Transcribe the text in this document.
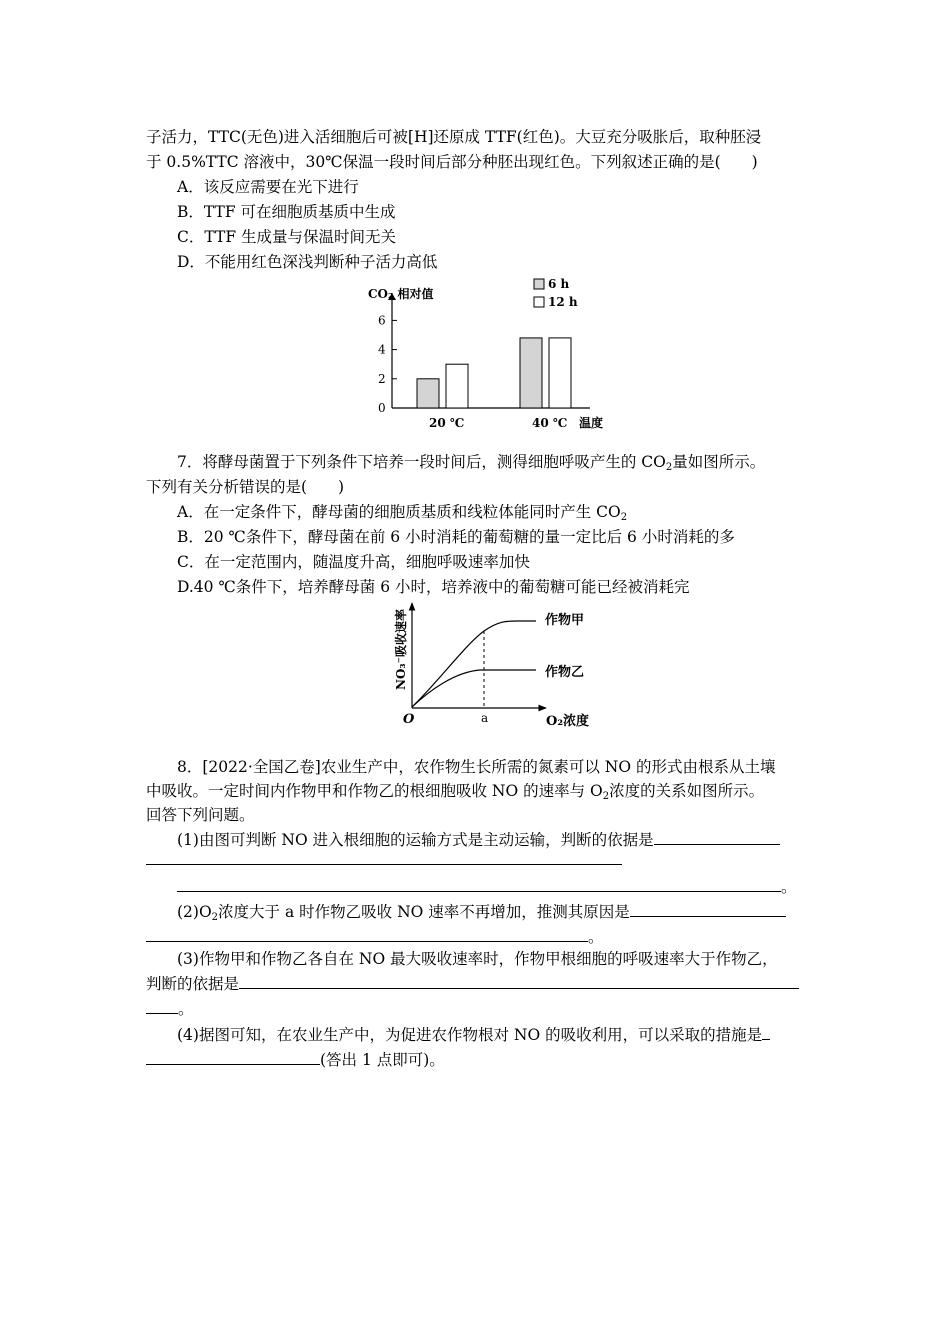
子活力，TTC(无色)进入活细胞后可被[H]还原成 TTF(红色)。大豆充分吸胀后，取种胚浸
于 0.5%TTC 溶液中，30℃保温一段时间后部分种胚出现红色。下列叙述正确的是(　　)
A．该反应需要在光下进行
B．TTF 可在细胞质基质中生成
C．TTF 生成量与保温时间无关
D．不能用红色深浅判断种子活力高低
0
2
4
6
CO₂ 相对值
温度
20 ℃	40 ℃
6 h
12 h
7．将酵母菌置于下列条件下培养一段时间后，测得细胞呼吸产生的 $CO_2$量如图所示。
下列有关分析错误的是(　　)
A．在一定条件下，酵母菌的细胞质基质和线粒体能同时产生 $CO_2$
B．20 ℃条件下，酵母菌在前 6 小时消耗的葡萄糖的量一定比后 6 小时消耗的多
C．在一定范围内，随温度升高，细胞呼吸速率加快
D.40 ℃条件下，培养酵母菌 6 小时，培养液中的葡萄糖可能已经被消耗完
作物甲
作物乙
O	a	O₂浓度
NO₃⁻吸收速率
8．[2022·全国乙卷]农业生产中，农作物生长所需的氮素可以 NO 的形式由根系从土壤
中吸收。一定时间内作物甲和作物乙的根细胞吸收 NO 的速率与 $O_2$浓度的关系如图所示。
回答下列问题。
(1)由图可判断 NO 进入根细胞的运输方式是主动运输，判断的依据是
。
$(2)O_2$浓度大于 a 时作物乙吸收 NO 速率不再增加，推测其原因是
。
(3)作物甲和作物乙各自在 NO 最大吸收速率时，作物甲根细胞的呼吸速率大于作物乙，
判断的依据是
。
(4)据图可知，在农业生产中，为促进农作物根对 NO 的吸收利用，可以采取的措施是
(答出 1 点即可)。
